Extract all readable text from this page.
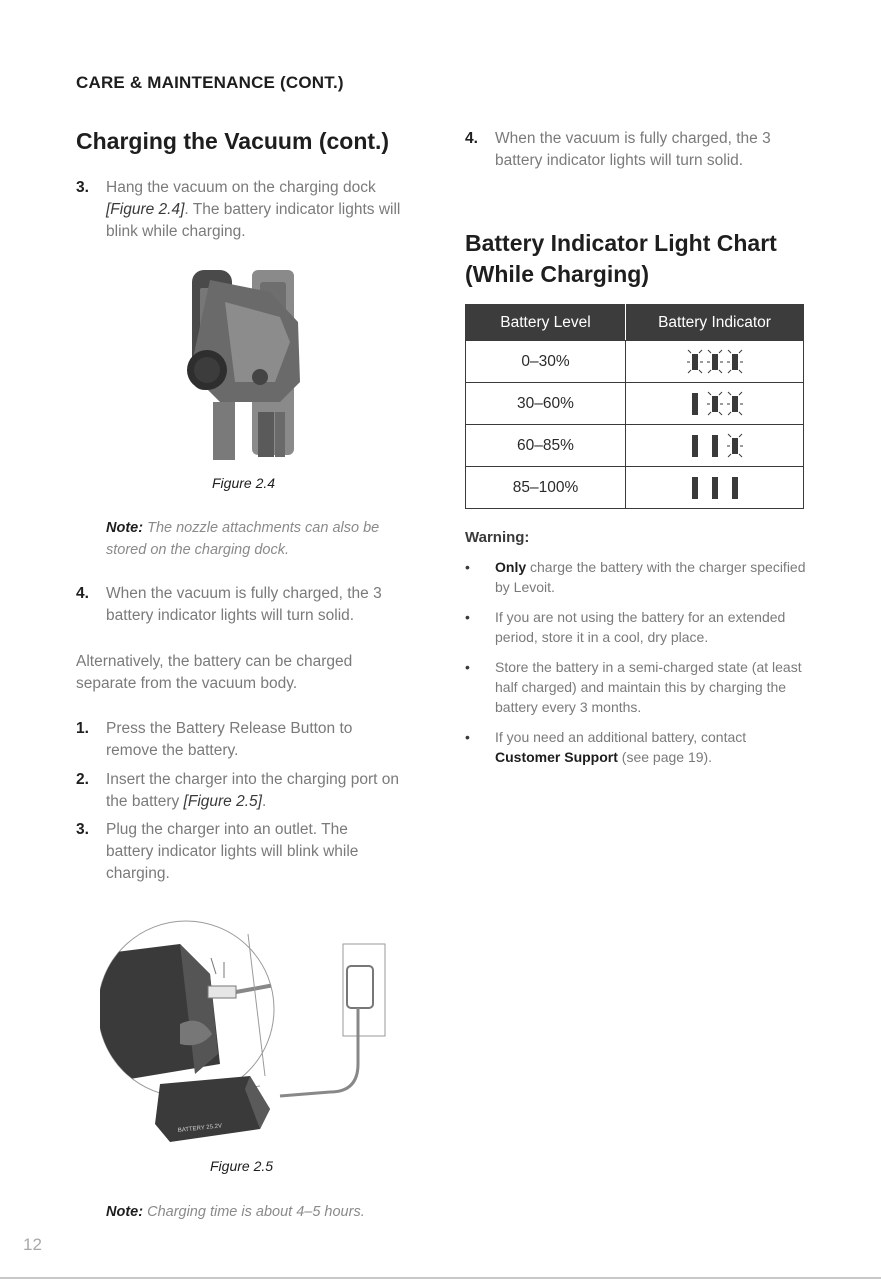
CARE & MAINTENANCE (CONT.)
Charging the Vacuum (cont.)
3. Hang the vacuum on the charging dock [Figure 2.4]. The battery indicator lights will blink while charging.
Figure 2.4
Note: The nozzle attachments can also be stored on the charging dock.
4. When the vacuum is fully charged, the 3 battery indicator lights will turn solid.
Alternatively, the battery can be charged separate from the vacuum body.
1. Press the Battery Release Button to remove the battery.
2. Insert the charger into the charging port on the battery [Figure 2.5].
3. Plug the charger into an outlet. The battery indicator lights will blink while charging.
BATTERY 25.2V
Figure 2.5
Note: Charging time is about 4–5 hours.
4. When the vacuum is fully charged, the 3 battery indicator lights will turn solid.
Battery Indicator Light Chart (While Charging)
Battery Level	Battery Indicator
0–30%	
30–60%	
60–85%	
85–100%	
Warning:
• Only charge the battery with the charger specified by Levoit.
• If you are not using the battery for an extended period, store it in a cool, dry place.
• Store the battery in a semi-charged state (at least half charged) and maintain this by charging the battery every 3 months.
• If you need an additional battery, contact Customer Support (see page 19).
12
